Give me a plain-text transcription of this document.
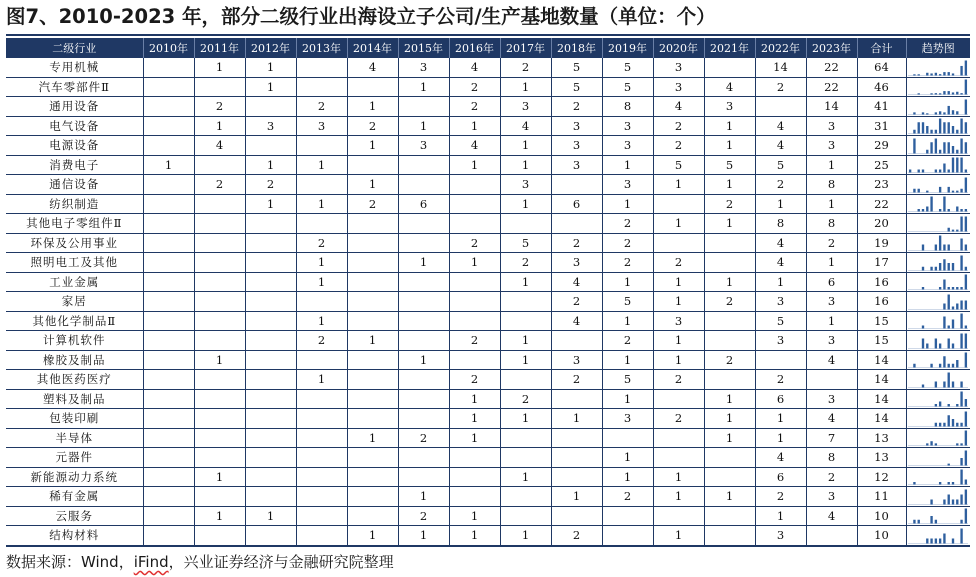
图7、2010-2023 年，部分二级行业出海设立子公司/生产基地数量（单位：个）
二级行业	2010年	2011年	2012年	2013年	2014年	2015年	2016年	2017年	2018年	2019年	2020年	2021年	2022年	2023年	合计	趋势图
专用机械		1	1		4	3	4	2	5	5	3		14	22	64	

汽车零部件Ⅱ			1			1	2	1	5	5	3	4	2	22	46	

通用设备		2		2	1		2	3	2	8	4	3		14	41	

电气设备		1	3	3	2	1	1	4	3	3	2	1	4	3	31	

电源设备		4			1	3	4	1	3	3	2	1	4	3	29	

消费电子	1		1	1			1	1	3	1	5	5	5	1	25	

通信设备		2	2		1			3		3	1	1	2	8	23	

纺织制造			1	1	2	6		1	6	1		2	1	1	22	

其他电子零组件Ⅱ										2	1	1	8	8	20	

环保及公用事业				2			2	5	2	2			4	2	19	

照明电工及其他				1		1	1	2	3	2	2		4	1	17	

工业金属				1				1	4	1	1	1	1	6	16	

家居									2	5	1	2	3	3	16	

其他化学制品Ⅱ				1					4	1	3		5	1	15	

计算机软件				2	1		2	1		2	1		3	3	15	

橡胶及制品		1				1		1	3	1	1	2		4	14	

其他医药医疗				1			2		2	5	2		2		14	

塑料及制品							1	2		1		1	6	3	14	

包装印刷							1	1	1	3	2	1	1	4	14	

半导体					1	2	1					1	1	7	13	

元器件										1			4	8	13	

新能源动力系统		1						1		1	1		6	2	12	

稀有金属						1			1	2	1	1	2	3	11	

云服务		1	1			2	1						1	4	10	

结构材料					1	1	1	1	2		1		3		10	
数据来源：Wind，iFind，兴业证券经济与金融研究院整理
